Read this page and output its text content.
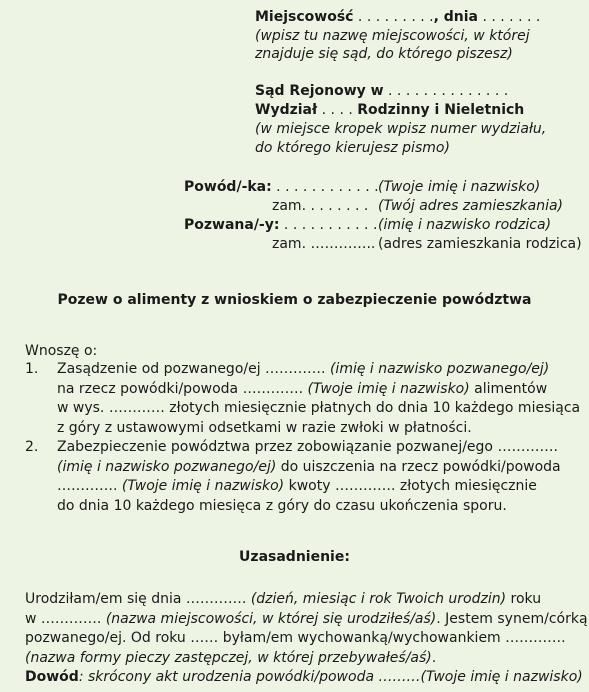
Miejscowość . . . . . . . . ., dnia . . . . . . .
(wpisz tu nazwę miejscowości, w której
znajduje się sąd, do którego piszesz)
Sąd Rejonowy w . . . . . . . . . . . . . .
Wydział . . . . Rodzinny i Nieletnich
(w miejsce kropek wpisz numer wydziału,
do którego kierujesz pismo)
Powód/-ka: . . . . . . . . . . . . (Twoje imię i nazwisko)
zam. . . . . . . . (Twój adres zamieszkania)
Pozwana/-y: . . . . . . . . . . . (imię i nazwisko rodzica)
zam. ………….. (adres zamieszkania rodzica)
Pozew o alimenty z wnioskiem o zabezpieczenie powództwa
Wnoszę o:
1. Zasądzenie od pozwanego/ej …………. (imię i nazwisko pozwanego/ej)
na rzecz powódki/powoda …………. (Twoje imię i nazwisko) alimentów
w wys. ………… złotych miesięcznie płatnych do dnia 10 każdego miesiąca
z góry z ustawowymi odsetkami w razie zwłoki w płatności.
2. Zabezpieczenie powództwa przez zobowiązanie pozwanej/ego ………….
(imię i nazwisko pozwanego/ej) do uiszczenia na rzecz powódki/powoda
…………. (Twoje imię i nazwisko) kwoty …………. złotych miesięcznie
do dnia 10 każdego miesięca z góry do czasu ukończenia sporu.
Uzasadnienie:
Urodziłam/em się dnia …………. (dzień, miesiąc i rok Twoich urodzin) roku
w …………. (nazwa miejscowości, w której się urodziłeś/aś). Jestem synem/córką
pozwanego/ej. Od roku …… byłam/em wychowanką/wychowankiem ………….
(nazwa formy pieczy zastępczej, w której przebywałeś/aś).
Dowód: skrócony akt urodzenia powódki/powoda ………(Twoje imię i nazwisko)
